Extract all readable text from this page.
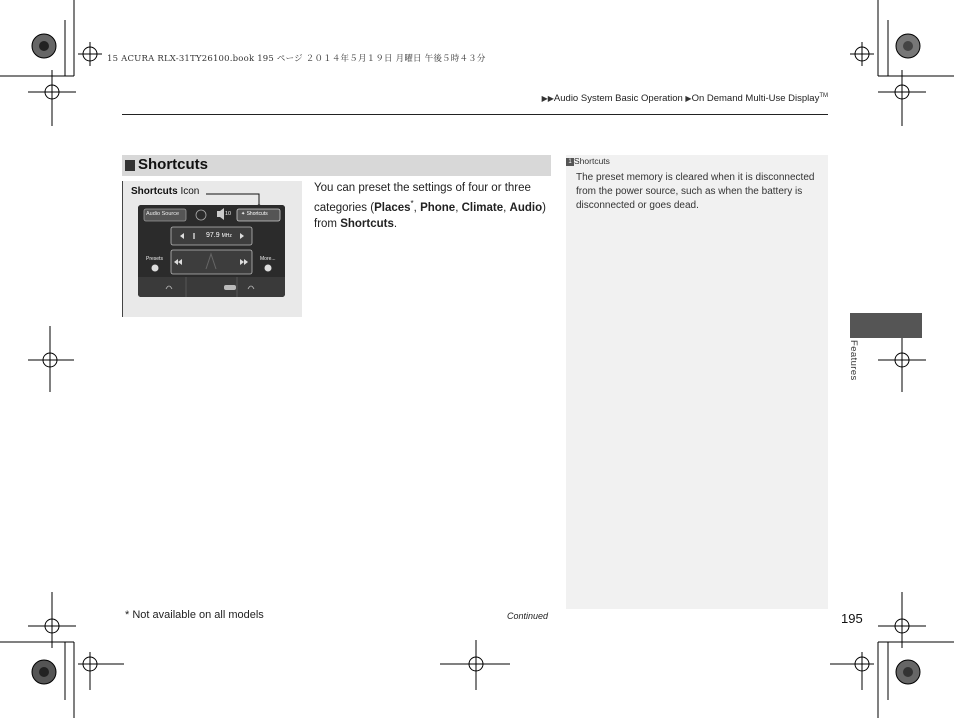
15 ACURA RLX-31TY26100.book 195 ページ ２０１４年５月１９日 月曜日 午後５時４３分
▶▶Audio System Basic Operation ▶On Demand Multi-Use Display™
Shortcuts
Shortcuts Icon
Audio Source	10 ✦ Shortcuts
97.9 MHz
Presets	More...
You can preset the settings of four or three categories (Places*, Phone, Climate, Audio) from Shortcuts.
1 Shortcuts
The preset memory is cleared when it is disconnected from the power source, such as when the battery is disconnected or goes dead.
Features
* Not available on all models	Continued	195
